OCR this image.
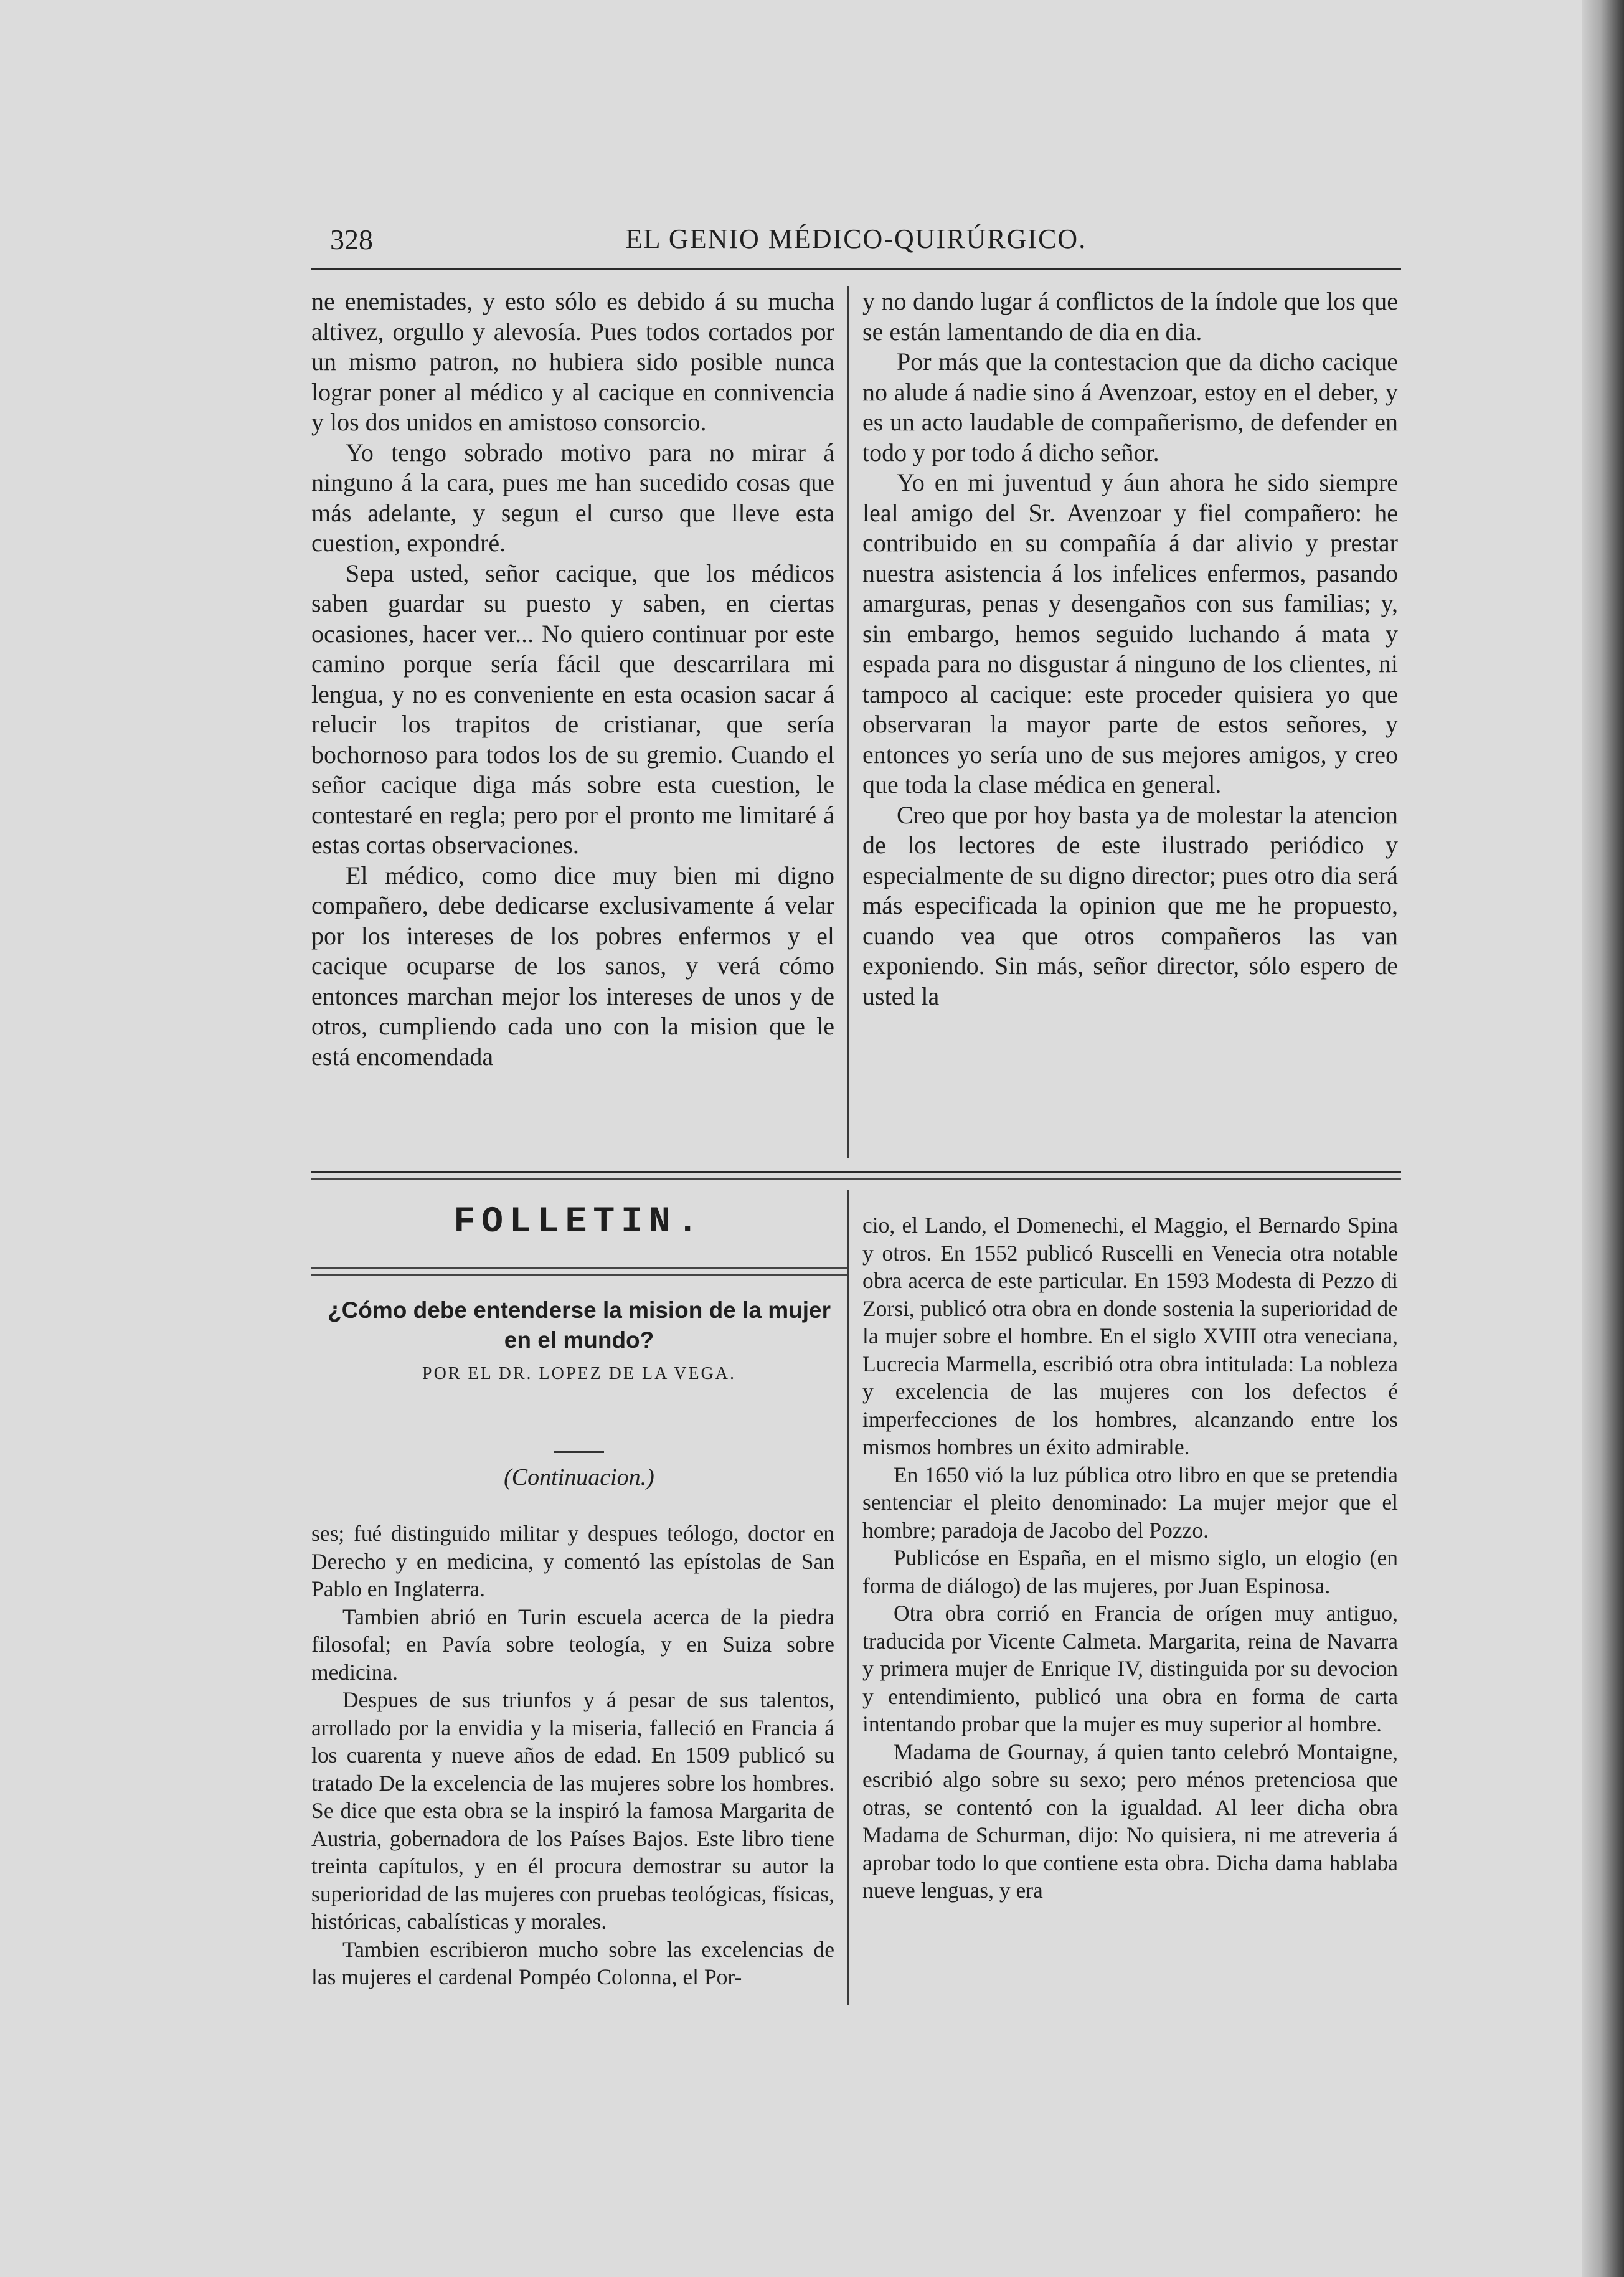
328	EL GENIO MÉDICO-QUIRÚRGICO.

ne enemistades, y esto sólo es debido á su mucha altivez, orgullo y alevosía. Pues todos cortados por un mismo patron, no hubiera sido posible nunca lograr poner al médico y al cacique en connivencia y los dos unidos en amistoso consorcio.

Yo tengo sobrado motivo para no mirar á ninguno á la cara, pues me han sucedido cosas que más adelante, y segun el curso que lleve esta cuestion, expondré.

Sepa usted, señor cacique, que los médicos saben guardar su puesto y saben, en ciertas ocasiones, hacer ver... No quiero continuar por este camino porque sería fácil que descarrilara mi lengua, y no es conveniente en esta ocasion sacar á relucir los trapitos de cristianar, que sería bochornoso para todos los de su gremio. Cuando el señor cacique diga más sobre esta cuestion, le contestaré en regla; pero por el pronto me limitaré á estas cortas observaciones.

El médico, como dice muy bien mi digno compañero, debe dedicarse exclusivamente á velar por los intereses de los pobres enfermos y el cacique ocuparse de los sanos, y verá cómo entonces marchan mejor los intereses de unos y de otros, cumpliendo cada uno con la mision que le está encomendada

y no dando lugar á conflictos de la índole que los que se están lamentando de dia en dia.

Por más que la contestacion que da dicho cacique no alude á nadie sino á Avenzoar, estoy en el deber, y es un acto laudable de compañerismo, de defender en todo y por todo á dicho señor.

Yo en mi juventud y áun ahora he sido siempre leal amigo del Sr. Avenzoar y fiel compañero: he contribuido en su compañía á dar alivio y prestar nuestra asistencia á los infelices enfermos, pasando amarguras, penas y desengaños con sus familias; y, sin embargo, hemos seguido luchando á mata y espada para no disgustar á ninguno de los clientes, ni tampoco al cacique: este proceder quisiera yo que observaran la mayor parte de estos señores, y entonces yo sería uno de sus mejores amigos, y creo que toda la clase médica en general.

Creo que por hoy basta ya de molestar la atencion de los lectores de este ilustrado periódico y especialmente de su digno director; pues otro dia será más especificada la opinion que me he propuesto, cuando vea que otros compañeros las van exponiendo. Sin más, señor director, sólo espero de usted la

FOLLETIN.
¿Cómo debe entenderse la mision de la mujer en el mundo?
POR EL DR. LOPEZ DE LA VEGA.
(Continuacion.)

ses; fué distinguido militar y despues teólogo, doctor en Derecho y en medicina, y comentó las epístolas de San Pablo en Inglaterra.

Tambien abrió en Turin escuela acerca de la piedra filosofal; en Pavía sobre teología, y en Suiza sobre medicina.

Despues de sus triunfos y á pesar de sus talentos, arrollado por la envidia y la miseria, falleció en Francia á los cuarenta y nueve años de edad. En 1509 publicó su tratado De la excelencia de las mujeres sobre los hombres. Se dice que esta obra se la inspiró la famosa Margarita de Austria, gobernadora de los Países Bajos. Este libro tiene treinta capítulos, y en él procura demostrar su autor la superioridad de las mujeres con pruebas teológicas, físicas, históricas, cabalísticas y morales.

Tambien escribieron mucho sobre las excelencias de las mujeres el cardenal Pompéo Colonna, el Por-

cio, el Lando, el Domenechi, el Maggio, el Bernardo Spina y otros. En 1552 publicó Ruscelli en Venecia otra notable obra acerca de este particular. En 1593 Modesta di Pezzo di Zorsi, publicó otra obra en donde sostenia la superioridad de la mujer sobre el hombre. En el siglo XVIII otra veneciana, Lucrecia Marmella, escribió otra obra intitulada: La nobleza y excelencia de las mujeres con los defectos é imperfecciones de los hombres, alcanzando entre los mismos hombres un éxito admirable.

En 1650 vió la luz pública otro libro en que se pretendia sentenciar el pleito denominado: La mujer mejor que el hombre; paradoja de Jacobo del Pozzo.

Publicóse en España, en el mismo siglo, un elogio (en forma de diálogo) de las mujeres, por Juan Espinosa.

Otra obra corrió en Francia de orígen muy antiguo, traducida por Vicente Calmeta. Margarita, reina de Navarra y primera mujer de Enrique IV, distinguida por su devocion y entendimiento, publicó una obra en forma de carta intentando probar que la mujer es muy superior al hombre.

Madama de Gournay, á quien tanto celebró Montaigne, escribió algo sobre su sexo; pero ménos pretenciosa que otras, se contentó con la igualdad. Al leer dicha obra Madama de Schurman, dijo: No quisiera, ni me atreveria á aprobar todo lo que contiene esta obra. Dicha dama hablaba nueve lenguas, y era
